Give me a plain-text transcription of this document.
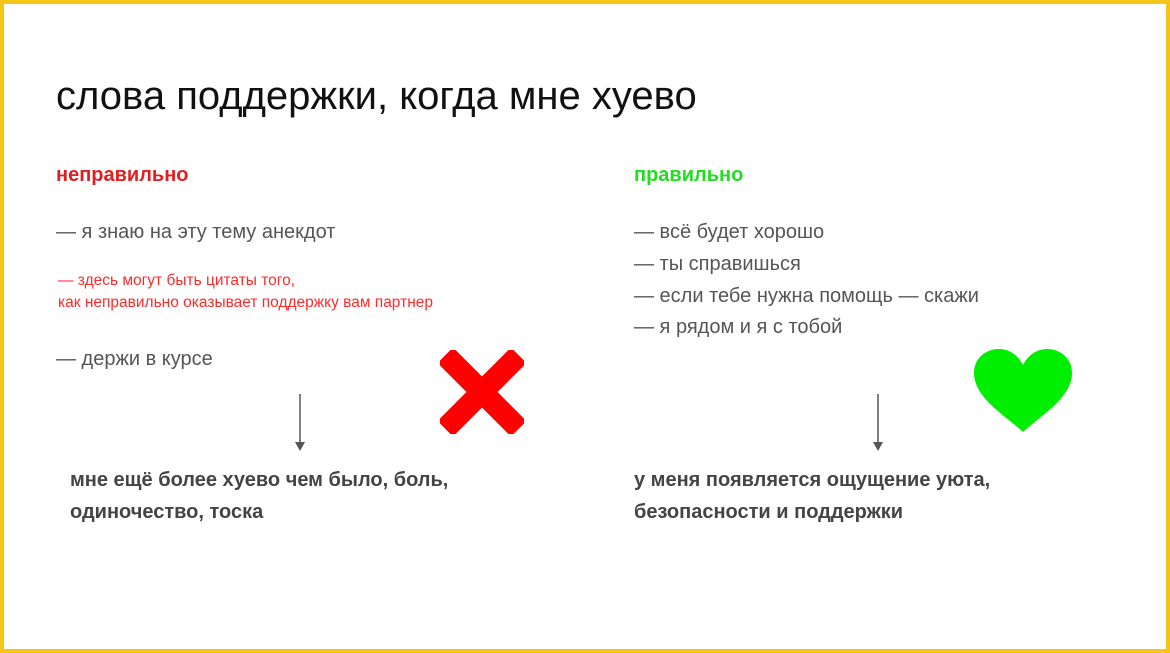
слова поддержки, когда мне хуево
неправильно
— я знаю на эту тему анекдот
— здесь могут быть цитаты того,
как неправильно оказывает поддержку вам партнер
— держи в курсе
мне ещё более хуево чем было, боль,
одиночество, тоска
правильно
— всё будет хорошо
— ты справишься
— если тебе нужна помощь — скажи
— я рядом и я с тобой
у меня появляется ощущение уюта,
безопасности и поддержки
